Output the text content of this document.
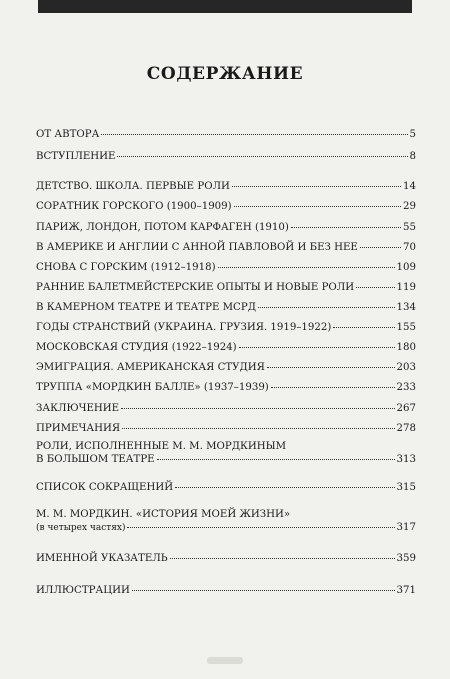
СОДЕРЖАНИЕ
ОТ АВТОРА	5
ВСТУПЛЕНИЕ	8
ДЕТСТВО. ШКОЛА. ПЕРВЫЕ РОЛИ	14
СОРАТНИК ГОРСКОГО (1900–1909)	29
ПАРИЖ, ЛОНДОН, ПОТОМ КАРФАГЕН (1910)	55
В АМЕРИКЕ И АНГЛИИ С АННОЙ ПАВЛОВОЙ И БЕЗ НЕЕ	70
СНОВА С ГОРСКИМ (1912–1918)	109
РАННИЕ БАЛЕТМЕЙСТЕРСКИЕ ОПЫТЫ И НОВЫЕ РОЛИ	119
В КАМЕРНОМ ТЕАТРЕ И ТЕАТРЕ МСРД	134
ГОДЫ СТРАНСТВИЙ (УКРАИНА. ГРУЗИЯ. 1919–1922)	155
МОСКОВСКАЯ СТУДИЯ (1922–1924)	180
ЭМИГРАЦИЯ. АМЕРИКАНСКАЯ СТУДИЯ	203
ТРУППА «МОРДКИН БАЛЛЕ» (1937–1939)	233
ЗАКЛЮЧЕНИЕ	267
ПРИМЕЧАНИЯ	278
РОЛИ, ИСПОЛНЕННЫЕ М. М. МОРДКИНЫМ
В БОЛЬШОМ ТЕАТРЕ	313
СПИСОК СОКРАЩЕНИЙ	315
М. М. МОРДКИН. «ИСТОРИЯ МОЕЙ ЖИЗНИ»
(в четырех частях)	317
ИМЕННОЙ УКАЗАТЕЛЬ	359
ИЛЛЮСТРАЦИИ	371
